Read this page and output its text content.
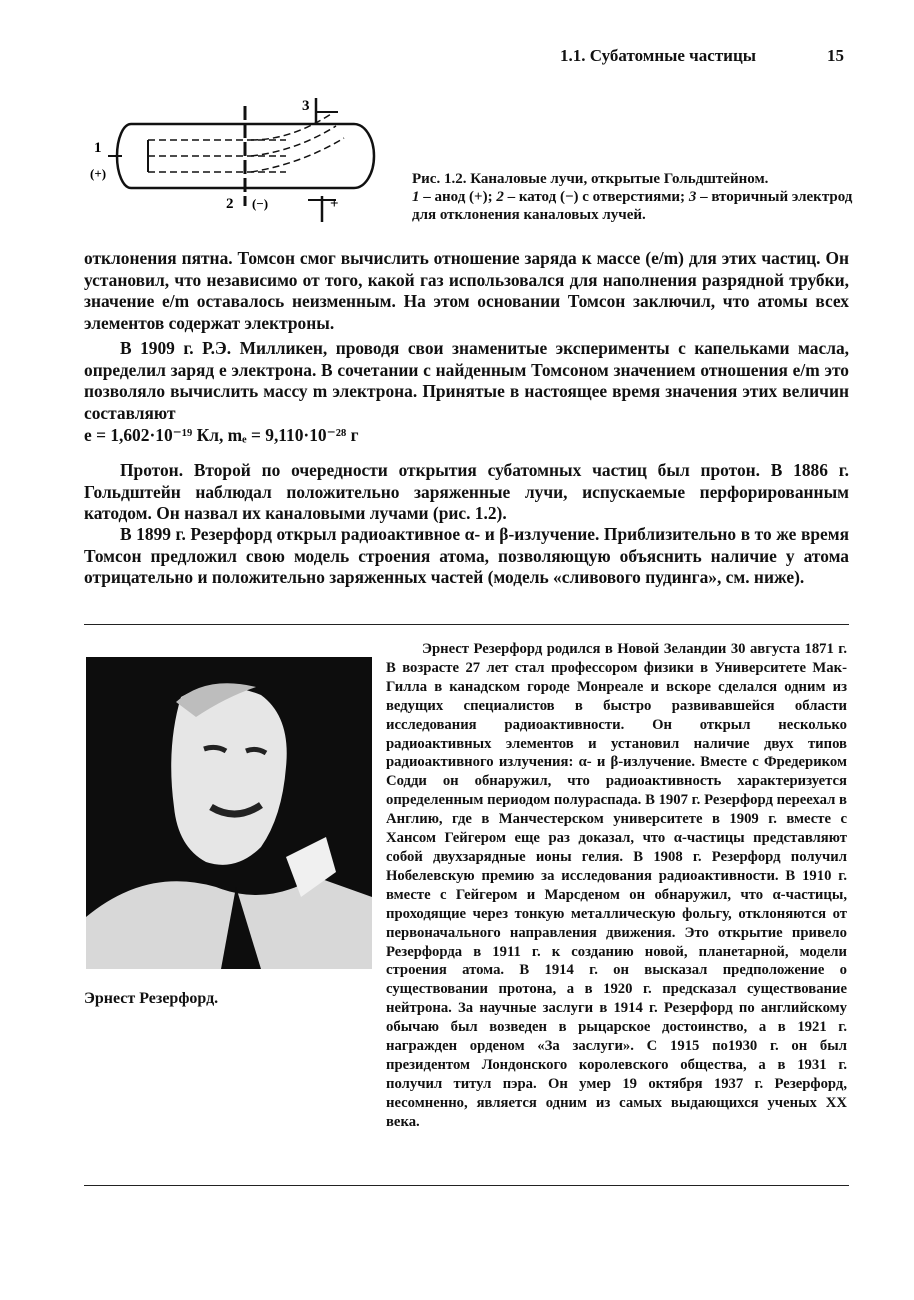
1.1. Субатомные частицы	15
1
(+)
2 (−)
3
+
Рис. 1.2. Каналовые лучи, открытые Гольдштейном.
1 – анод (+); 2 – катод (−) с отверстиями; 3 – вторичный электрод для отклонения каналовых лучей.
отклонения пятна. Томсон смог вычислить отношение заряда к массе (e/m) для этих частиц. Он установил, что независимо от того, какой газ использовался для наполнения разрядной трубки, значение e/m оставалось неизменным. На этом основании Томсон заключил, что атомы всех элементов содержат электроны.
В 1909 г. Р.Э. Милликен, проводя свои знаменитые эксперименты с капельками масла, определил заряд e электрона. В сочетании с найденным Томсоном значением отношения e/m это позволяло вычислить массу m электрона. Принятые в настоящее время значения этих величин составляют
e = 1,602·10⁻¹⁹ Кл, mₑ = 9,110·10⁻²⁸ г
Протон. Второй по очередности открытия субатомных частиц был протон. В 1886 г. Гольдштейн наблюдал положительно заряженные лучи, испускаемые перфорированным катодом. Он назвал их каналовыми лучами (рис. 1.2).
В 1899 г. Резерфорд открыл радиоактивное α- и β-излучение. Приблизительно в то же время Томсон предложил свою модель строения атома, позволяющую объяснить наличие у атома отрицательно и положительно заряженных частей (модель «сливового пудинга», см. ниже).
Эрнест Резерфорд.
Эрнест Резерфорд родился в Новой Зеландии 30 августа 1871 г. В возрасте 27 лет стал профессором физики в Университете Мак-Гилла в канадском городе Монреале и вскоре сделался одним из ведущих специалистов в быстро развивавшейся области исследования радиоактивности. Он открыл несколько радиоактивных элементов и установил наличие двух типов радиоактивного излучения: α- и β-излучение. Вместе с Фредериком Содди он обнаружил, что радиоактивность характеризуется определенным периодом полураспада. В 1907 г. Резерфорд переехал в Англию, где в Манчестерском университете в 1909 г. вместе с Хансом Гейгером еще раз доказал, что α-частицы представляют собой двухзарядные ионы гелия. В 1908 г. Резерфорд получил Нобелевскую премию за исследования радиоактивности. В 1910 г. вместе с Гейгером и Марсденом он обнаружил, что α-частицы, проходящие через тонкую металлическую фольгу, отклоняются от первоначального направления движения. Это открытие привело Резерфорда в 1911 г. к созданию новой, планетарной, модели строения атома. В 1914 г. он высказал предположение о существовании протона, а в 1920 г. предсказал существование нейтрона. За научные заслуги в 1914 г. Резерфорд по английскому обычаю был возведен в рыцарское достоинство, а в 1921 г. награжден орденом «За заслуги». С 1915 по1930 г. он был президентом Лондонского королевского общества, а в 1931 г. получил титул пэра. Он умер 19 октября 1937 г. Резерфорд, несомненно, является одним из самых выдающихся ученых XX века.
